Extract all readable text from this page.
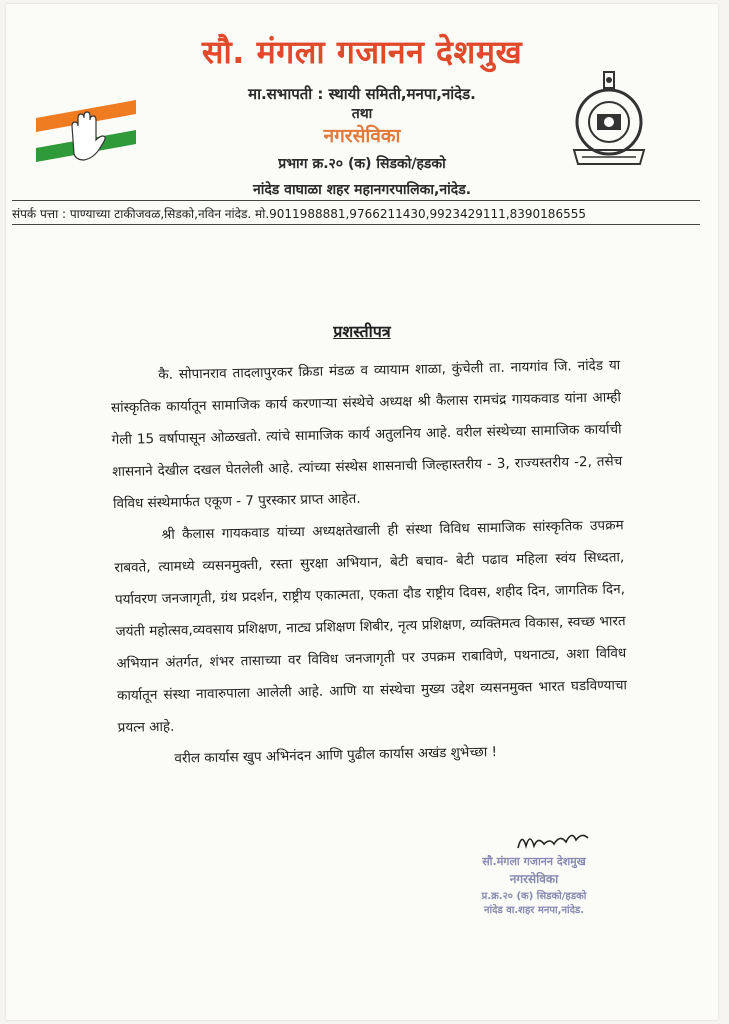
सौ. मंगला गजानन देशमुख
मा.सभापती : स्थायी समिती,मनपा,नांदेड.
तथा
नगरसेविका
प्रभाग क्र.२० (क) सिडको/हडको
नांदेड वाघाळा शहर महानगरपालिका,नांदेड.
संपर्क पत्ता : पाण्याच्या टाकीजवळ,सिडको,नविन नांदेड. मो.9011988881,9766211430,9923429111,8390186555
प्रशस्तीपत्र

कै. सोपानराव तादलापुरकर क्रिडा मंडळ व व्यायाम शाळा, कुंचेली ता. नायगांव जि. नांदेड या सांस्कृतिक कार्यातून सामाजिक कार्य करणाऱ्या संस्थेचे अध्यक्ष श्री कैलास रामचंद्र गायकवाड यांना आम्ही गेली 15 वर्षापासून ओळखतो. त्यांचे सामाजिक कार्य अतुलनिय आहे. वरील संस्थेच्या सामाजिक कार्याची शासनाने देखील दखल घेतलेली आहे. त्यांच्या संस्थेस शासनाची जिल्हास्तरीय - 3, राज्यस्तरीय -2, तसेच विविध संस्थेमार्फत एकूण - 7 पुरस्कार प्राप्त आहेत.

श्री कैलास गायकवाड यांच्या अध्यक्षतेखाली ही संस्था विविध सामाजिक सांस्कृतिक उपक्रम राबवते, त्यामध्ये व्यसनमुक्ती, रस्ता सुरक्षा अभियान, बेटी बचाव- बेटी पढाव महिला स्वंय सिध्दता, पर्यावरण जनजागृती, ग्रंथ प्रदर्शन, राष्ट्रीय एकात्मता, एकता दौड राष्ट्रीय दिवस, शहीद दिन, जागतिक दिन, जयंती महोत्सव,व्यवसाय प्रशिक्षण, नाट्य प्रशिक्षण शिबीर, नृत्य प्रशिक्षण, व्यक्तिमत्व विकास, स्वच्छ भारत अभियान अंतर्गत, शंभर तासाच्या वर विविध जनजागृती पर उपक्रम राबाविणे, पथनाट्य, अशा विविध कार्यातून संस्था नावारुपाला आलेली आहे. आणि या संस्थेचा मुख्य उद्देश व्यसनमुक्त भारत घडविण्याचा प्रयत्न आहे.

वरील कार्यास खुप अभिनंदन आणि पुढील कार्यास अखंड शुभेच्छा !

सौ.मंगला गजानन देशमुख
नगरसेविका
प्र.क्र.२० (क) सिडको/हडको
नांदेड वा.शहर मनपा,नांदेड.
